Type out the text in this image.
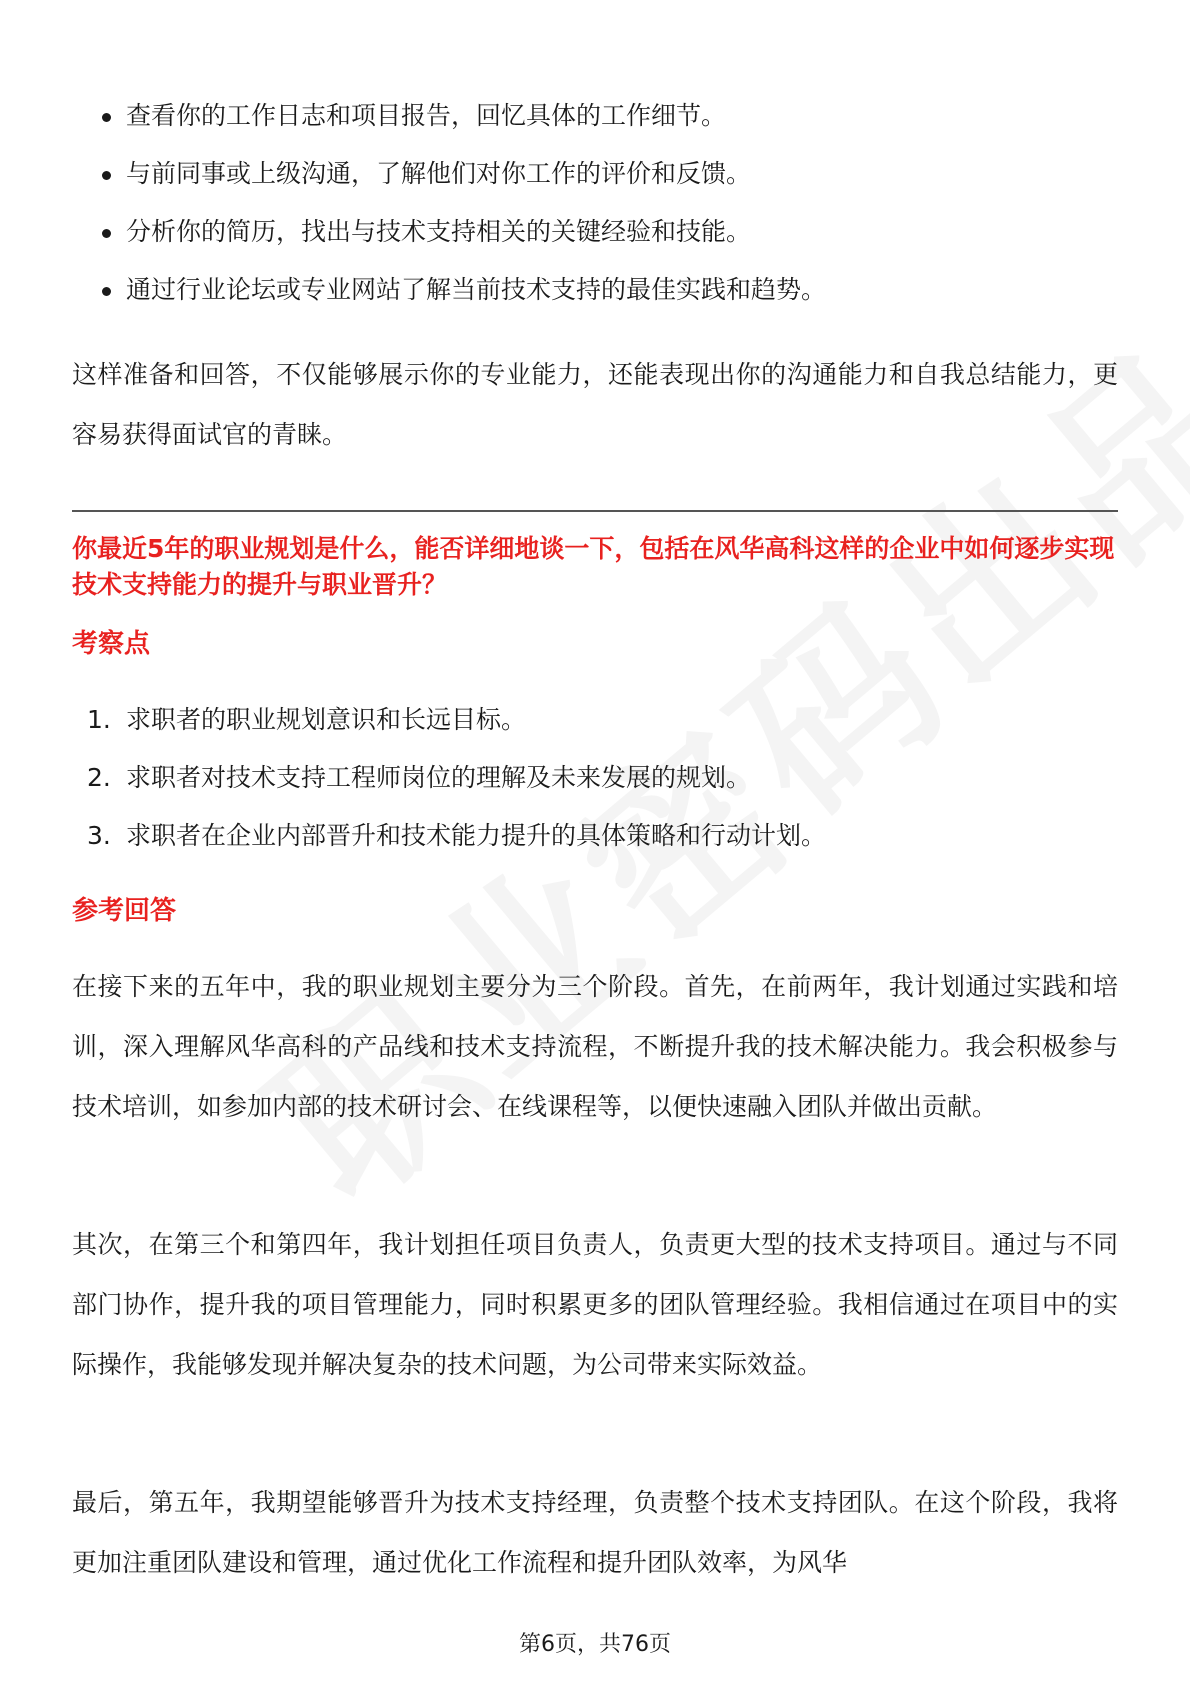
查看你的工作日志和项目报告，回忆具体的工作细节。
与前同事或上级沟通，了解他们对你工作的评价和反馈。
分析你的简历，找出与技术支持相关的关键经验和技能。
通过行业论坛或专业网站了解当前技术支持的最佳实践和趋势。

这样准备和回答，不仅能够展示你的专业能力，还能表现出你的沟通能力和自我总结能力，更容易获得面试官的青睐。

你最近5年的职业规划是什么，能否详细地谈一下，包括在风华高科这样的企业中如何逐步实现技术支持能力的提升与职业晋升？
考察点
1. 求职者的职业规划意识和长远目标。
2. 求职者对技术支持工程师岗位的理解及未来发展的规划。
3. 求职者在企业内部晋升和技术能力提升的具体策略和行动计划。
参考回答

在接下来的五年中，我的职业规划主要分为三个阶段。首先，在前两年，我计划通过实践和培训，深入理解风华高科的产品线和技术支持流程，不断提升我的技术解决能力。我会积极参与技术培训，如参加内部的技术研讨会、在线课程等，以便快速融入团队并做出贡献。

其次，在第三个和第四年，我计划担任项目负责人，负责更大型的技术支持项目。通过与不同部门协作，提升我的项目管理能力，同时积累更多的团队管理经验。我相信通过在项目中的实际操作，我能够发现并解决复杂的技术问题，为公司带来实际效益。

最后，第五年，我期望能够晋升为技术支持经理，负责整个技术支持团队。在这个阶段，我将更加注重团队建设和管理，通过优化工作流程和提升团队效率，为风华

第6页，共76页
